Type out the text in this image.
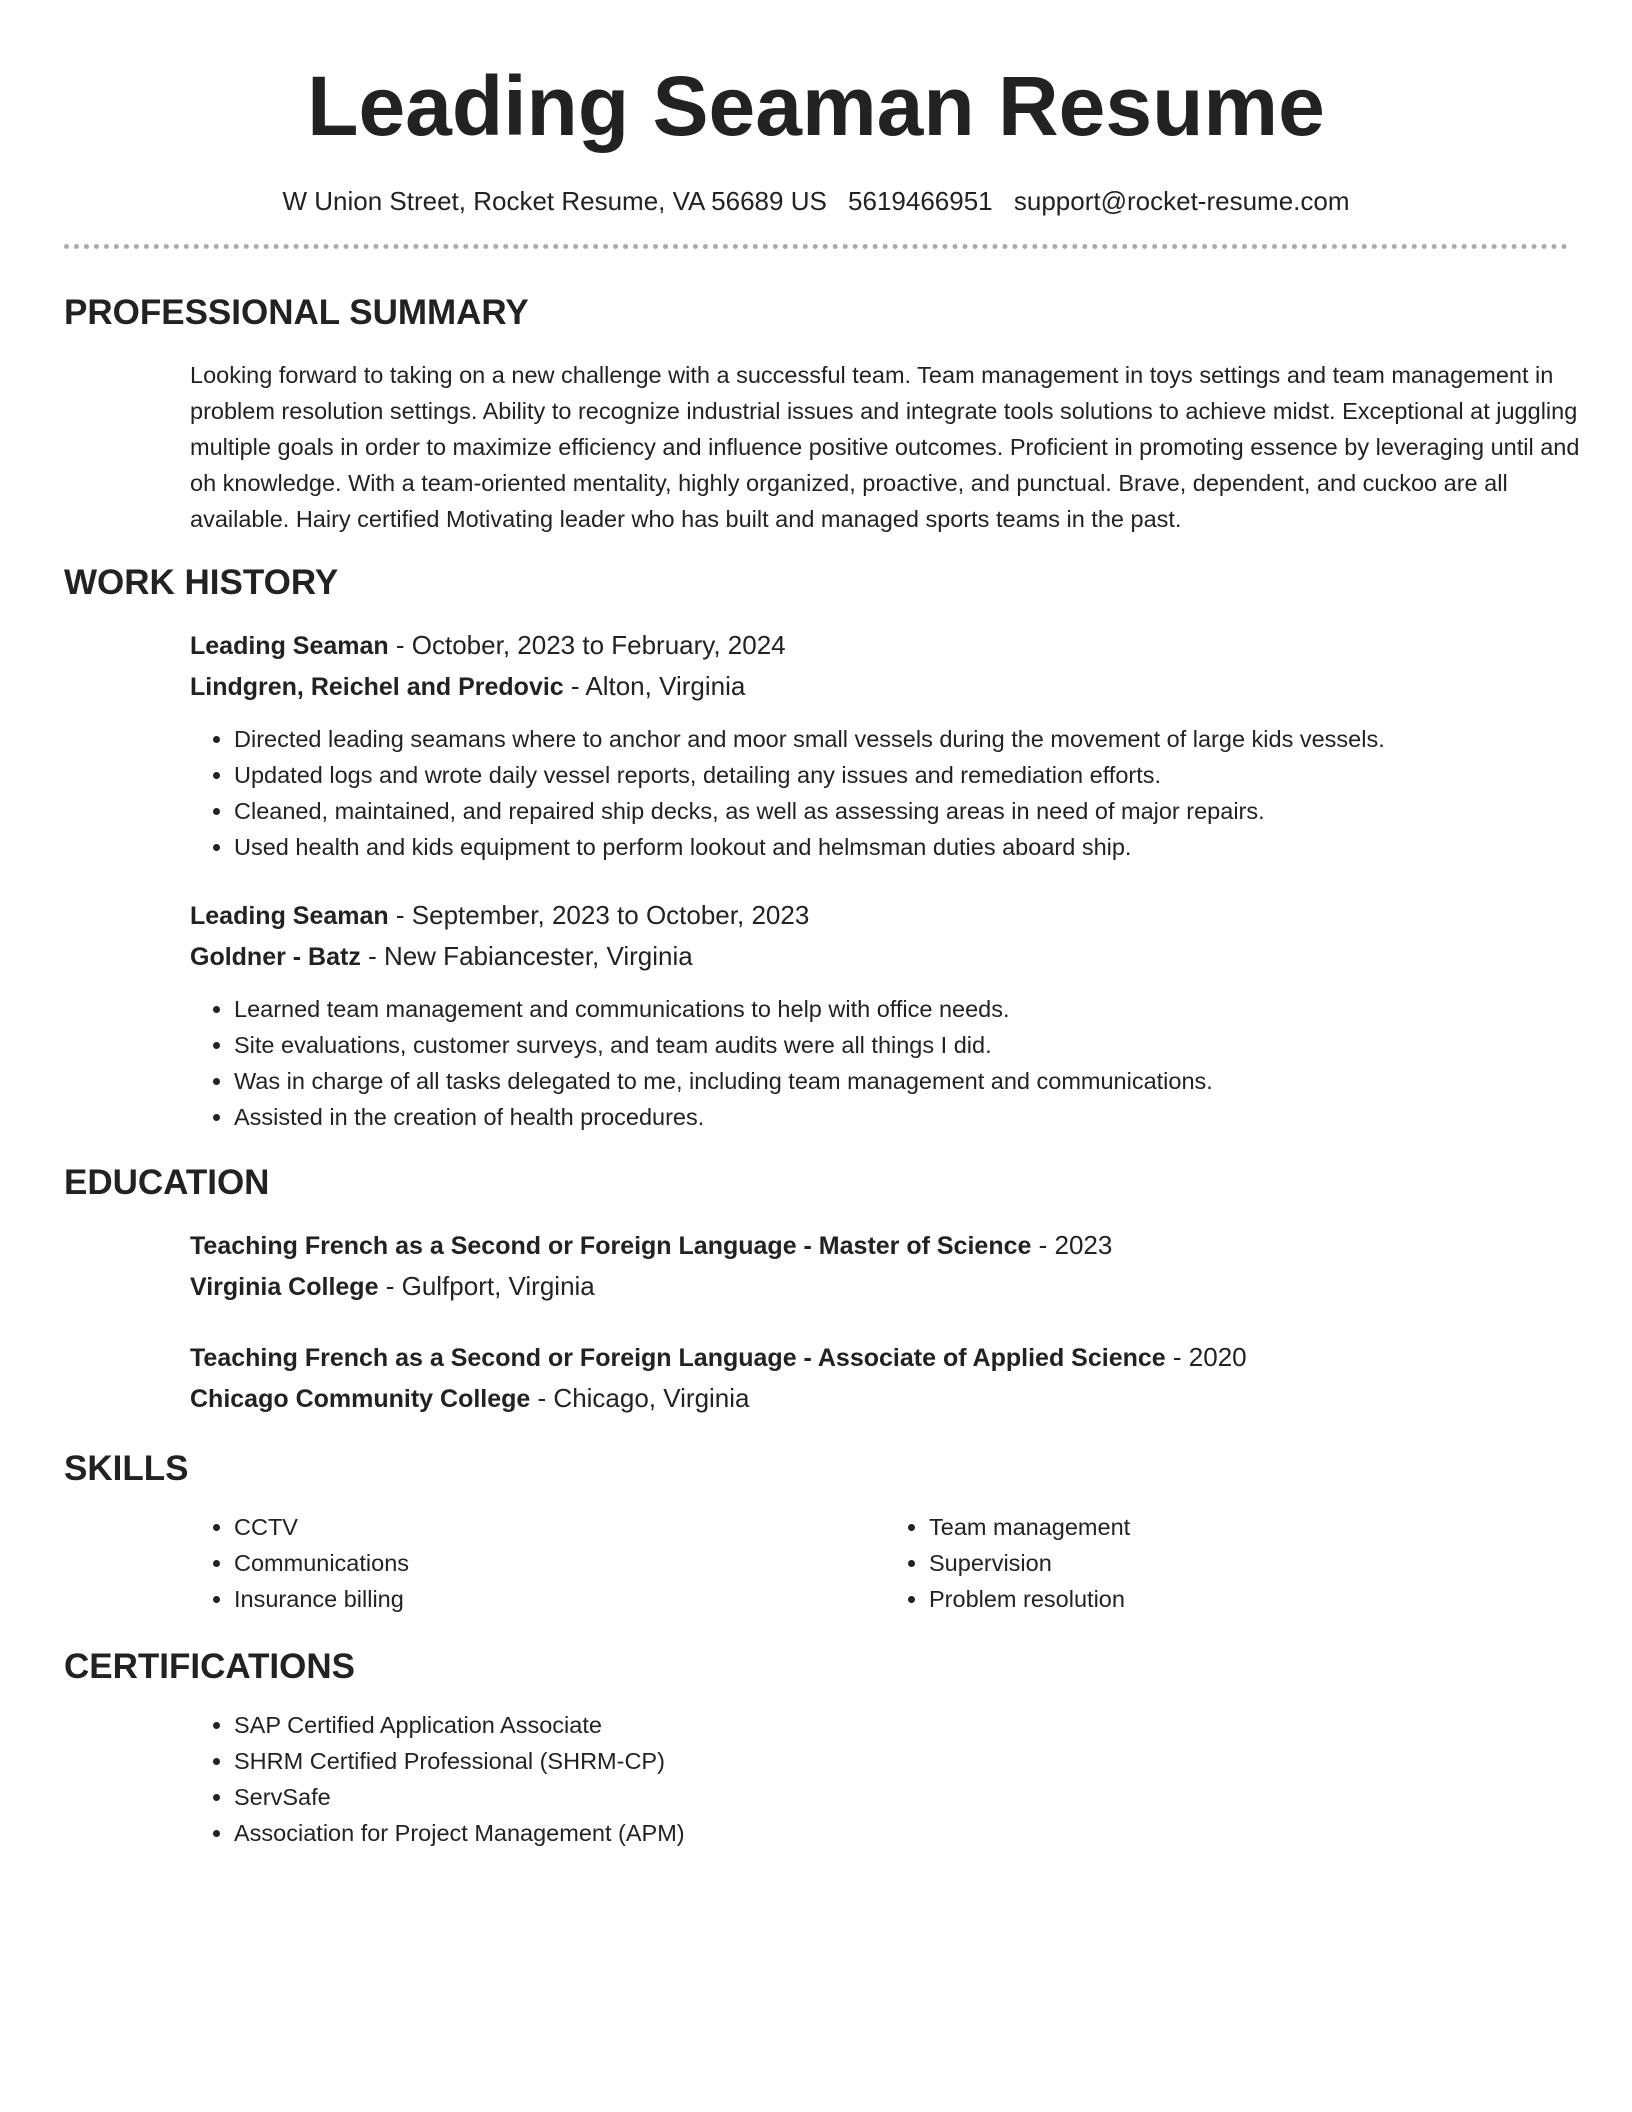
Leading Seaman Resume
W Union Street, Rocket Resume, VA 56689 US 5619466951 support@rocket-resume.com
PROFESSIONAL SUMMARY

Looking forward to taking on a new challenge with a successful team. Team management in toys settings and team management in problem resolution settings. Ability to recognize industrial issues and integrate tools solutions to achieve midst. Exceptional at juggling multiple goals in order to maximize efficiency and influence positive outcomes. Proficient in promoting essence by leveraging until and oh knowledge. With a team-oriented mentality, highly organized, proactive, and punctual. Brave, dependent, and cuckoo are all available. Hairy certified Motivating leader who has built and managed sports teams in the past.

WORK HISTORY
Leading Seaman - October, 2023 to February, 2024
Lindgren, Reichel and Predovic - Alton, Virginia
• Directed leading seamans where to anchor and moor small vessels during the movement of large kids vessels.
• Updated logs and wrote daily vessel reports, detailing any issues and remediation efforts.
• Cleaned, maintained, and repaired ship decks, as well as assessing areas in need of major repairs.
• Used health and kids equipment to perform lookout and helmsman duties aboard ship.
Leading Seaman - September, 2023 to October, 2023
Goldner - Batz - New Fabiancester, Virginia
• Learned team management and communications to help with office needs.
• Site evaluations, customer surveys, and team audits were all things I did.
• Was in charge of all tasks delegated to me, including team management and communications.
• Assisted in the creation of health procedures.
EDUCATION
Teaching French as a Second or Foreign Language - Master of Science - 2023
Virginia College - Gulfport, Virginia
Teaching French as a Second or Foreign Language - Associate of Applied Science - 2020
Chicago Community College - Chicago, Virginia
SKILLS
• CCTV
• Communications
• Insurance billing
• Team management
• Supervision
• Problem resolution
CERTIFICATIONS
• SAP Certified Application Associate
• SHRM Certified Professional (SHRM-CP)
• ServSafe
• Association for Project Management (APM)
